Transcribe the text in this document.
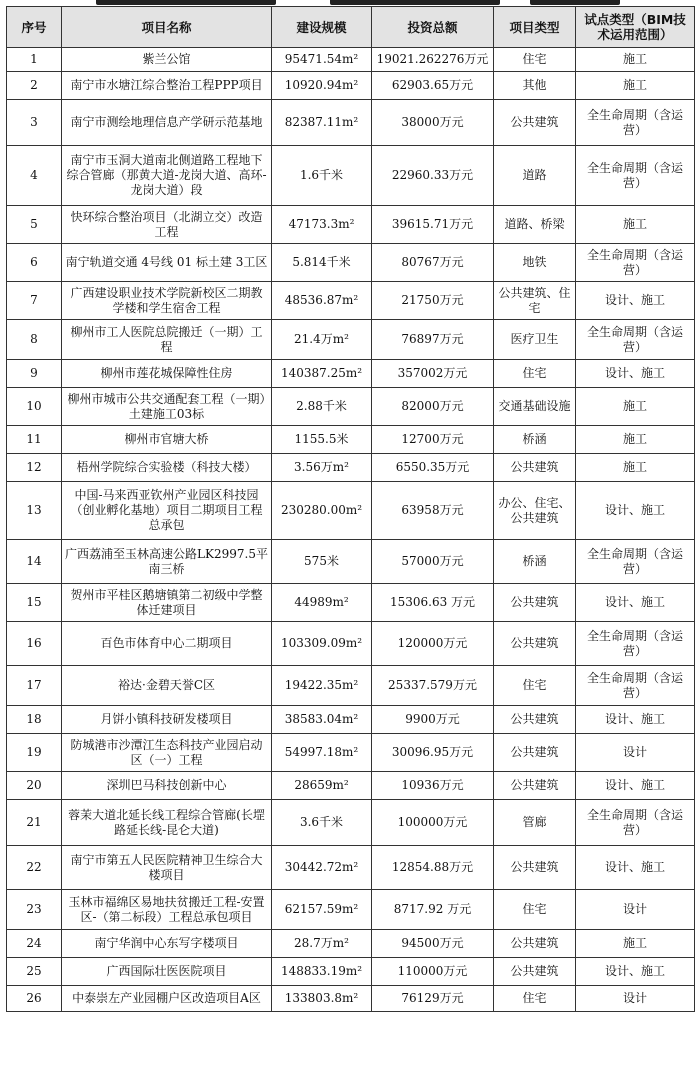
序号	项目名称	建设规模	投资总额	项目类型	试点类型（BIM技术运用范围）
1	紫兰公馆	95471.54m²	19021.262276万元	住宅	施工
2	南宁市水塘江综合整治工程PPP项目	10920.94m²	62903.65万元	其他	施工
3	南宁市测绘地理信息产学研示范基地	82387.11m²	38000万元	公共建筑	全生命周期（含运营）
4	南宁市玉洞大道南北侧道路工程地下综合管廊（那黄大道-龙岗大道、高环-龙岗大道）段	1.6千米	22960.33万元	道路	全生命周期（含运营）
5	快环综合整治项目（北湖立交）改造工程	47173.3m²	39615.71万元	道路、桥梁	施工
6	南宁轨道交通 4号线 01 标土建 3工区	5.814千米	80767万元	地铁	全生命周期（含运营）
7	广西建设职业技术学院新校区二期教学楼和学生宿舍工程	48536.87m²	21750万元	公共建筑、住宅	设计、施工
8	柳州市工人医院总院搬迁（一期）工程	21.4万m²	76897万元	医疗卫生	全生命周期（含运营）
9	柳州市莲花城保障性住房	140387.25m²	357002万元	住宅	设计、施工
10	柳州市城市公共交通配套工程（一期）土建施工03标	2.88千米	82000万元	交通基础设施	施工
11	柳州市官塘大桥	1155.5米	12700万元	桥涵	施工
12	梧州学院综合实验楼（科技大楼）	3.56万m²	6550.35万元	公共建筑	施工
13	中国-马来西亚钦州产业园区科技园（创业孵化基地）项目二期项目工程总承包	230280.00m²	63958万元	办公、住宅、公共建筑	设计、施工
14	广西荔浦至玉林高速公路LK2997.5平南三桥	575米	57000万元	桥涵	全生命周期（含运营）
15	贺州市平桂区鹅塘镇第二初级中学整体迁建项目	44989m²	15306.63 万元	公共建筑	设计、施工
16	百色市体育中心二期项目	103309.09m²	120000万元	公共建筑	全生命周期（含运营）
17	裕达·金碧天誉C区	19422.35m²	25337.579万元	住宅	全生命周期（含运营）
18	月饼小镇科技研发楼项目	38583.04m²	9900万元	公共建筑	设计、施工
19	防城港市沙潭江生态科技产业园启动区（一）工程	54997.18m²	30096.95万元	公共建筑	设计
20	深圳巴马科技创新中心	28659m²	10936万元	公共建筑	设计、施工
21	蓉茉大道北延长线工程综合管廊(长堽路延长线-昆仑大道)	3.6千米	100000万元	管廊	全生命周期（含运营）
22	南宁市第五人民医院精神卫生综合大楼项目	30442.72m²	12854.88万元	公共建筑	设计、施工
23	玉林市福绵区易地扶贫搬迁工程-安置区-（第二标段）工程总承包项目	62157.59m²	8717.92 万元	住宅	设计
24	南宁华润中心东写字楼项目	28.7万m²	94500万元	公共建筑	施工
25	广西国际壮医医院项目	148833.19m²	110000万元	公共建筑	设计、施工
26	中泰崇左产业园棚户区改造项目A区	133803.8m²	76129万元	住宅	设计
